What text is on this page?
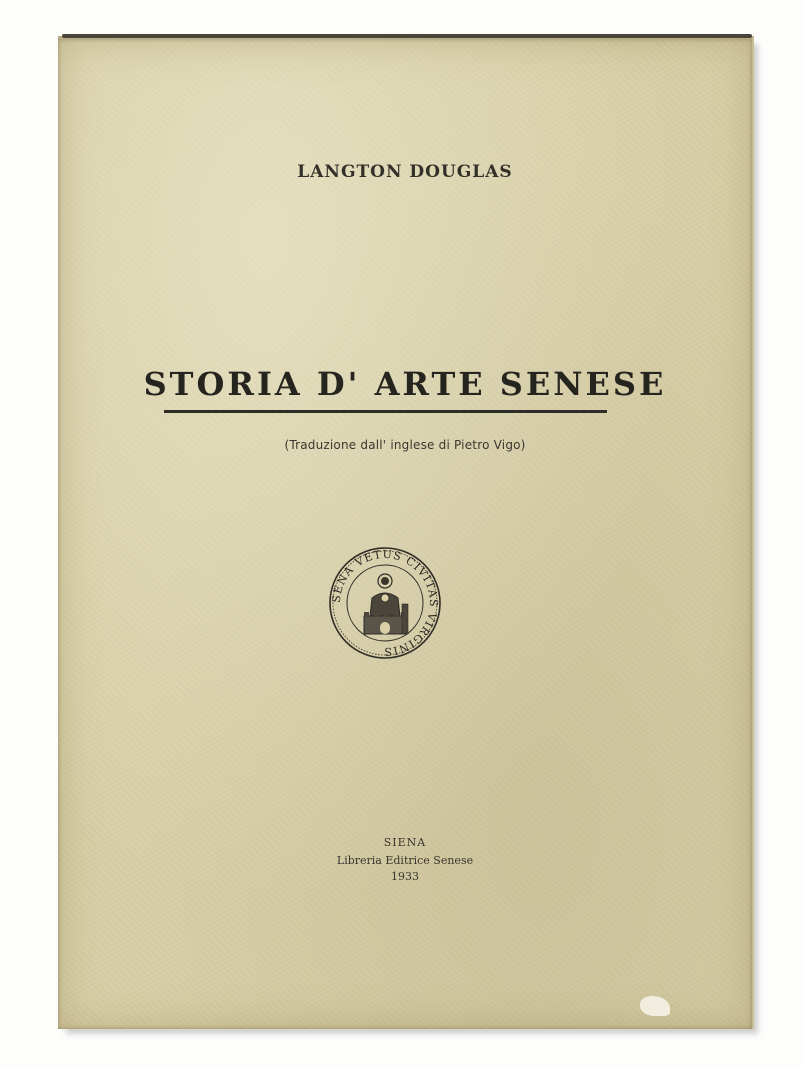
LANGTON DOUGLAS

STORIA D' ARTE SENESE

(Traduzione dall' inglese di Pietro Vigo)

SENA VETUS CIVITAS VIRGINIS

SIENA

Libreria Editrice Senese

1933
